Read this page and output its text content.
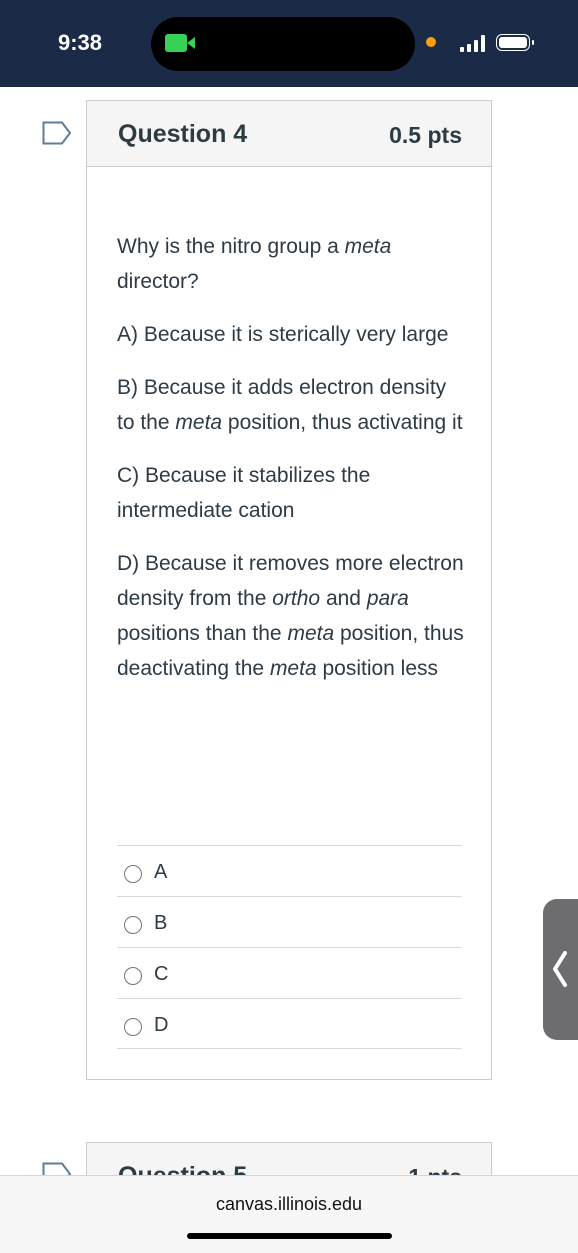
9:38
Question 4	0.5 pts

Why is the nitro group a meta director?

A) Because it is sterically very large

B) Because it adds electron density to the meta position, thus activating it

C) Because it stabilizes the intermediate cation

D) Because it removes more electron density from the ortho and para positions than the meta position, thus deactivating the meta position less

A
B
C
D
canvas.illinois.edu
